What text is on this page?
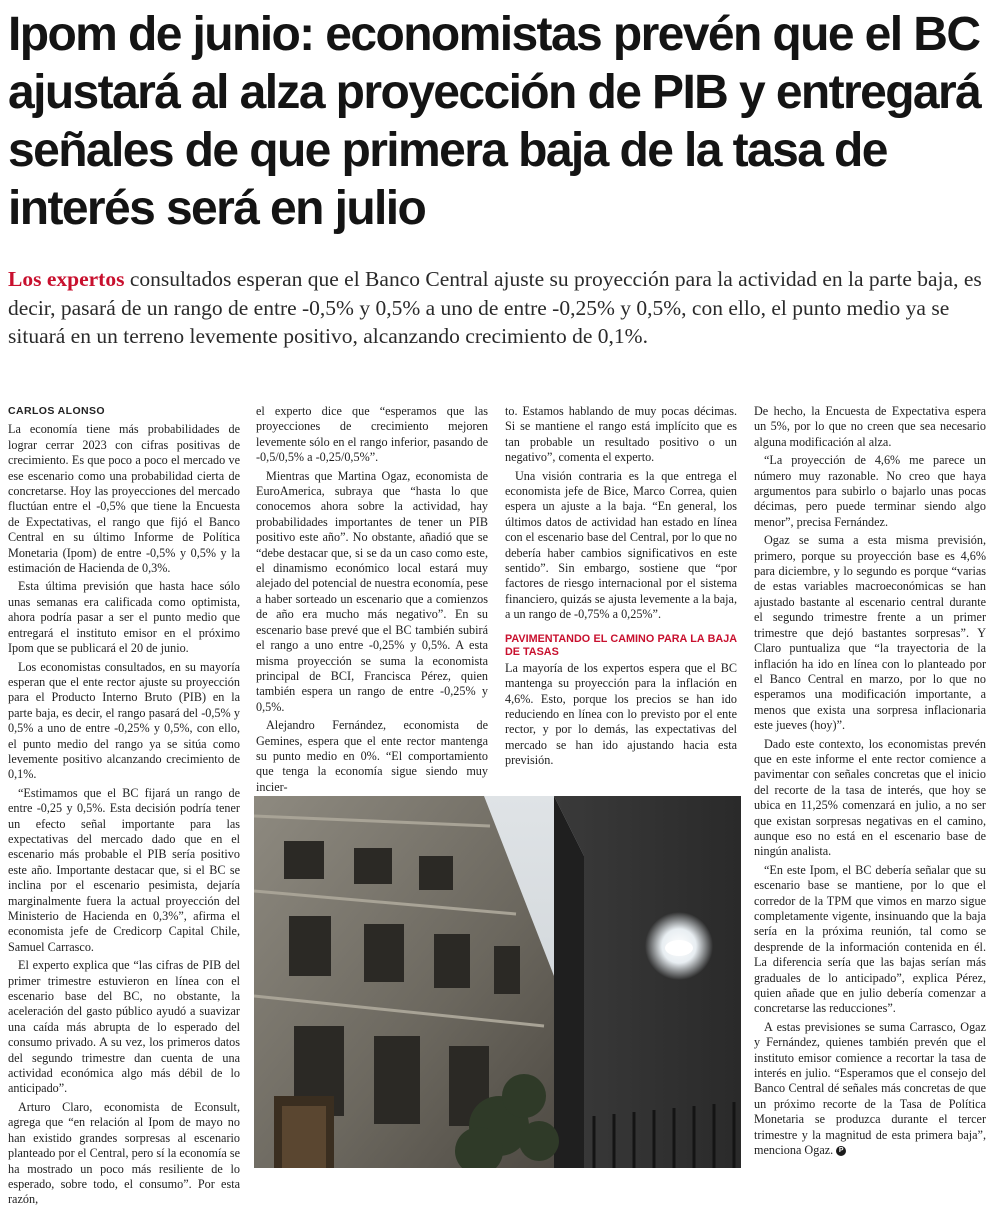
Ipom de junio: economistas prevén que el BC ajustará al alza proyección de PIB y entregará señales de que primera baja de la tasa de interés será en julio

Los expertos consultados esperan que el Banco Central ajuste su proyección para la actividad en la parte baja, es decir, pasará de un rango de entre -0,5% y 0,5% a uno de entre -0,25% y 0,5%, con ello, el punto medio ya se situará en un terreno levemente positivo, alcanzando crecimiento de 0,1%.

CARLOS ALONSO

La economía tiene más probabilidades de lograr cerrar 2023 con cifras positivas de crecimiento. Es que poco a poco el mercado ve ese escenario como una probabilidad cierta de concretarse. Hoy las proyecciones del mercado fluctúan entre el -0,5% que tiene la Encuesta de Expectativas, el rango que fijó el Banco Central en su último Informe de Política Monetaria (Ipom) de entre -0,5% y 0,5% y la estimación de Hacienda de 0,3%.

Esta última previsión que hasta hace sólo unas semanas era calificada como optimista, ahora podría pasar a ser el punto medio que entregará el instituto emisor en el próximo Ipom que se publicará el 20 de junio.

Los economistas consultados, en su mayoría esperan que el ente rector ajuste su proyección para el Producto Interno Bruto (PIB) en la parte baja, es decir, el rango pasará del -0,5% y 0,5% a uno de entre -0,25% y 0,5%, con ello, el punto medio del rango ya se sitúa como levemente positivo alcanzando crecimiento de 0,1%.

“Estimamos que el BC fijará un rango de entre -0,25 y 0,5%. Esta decisión podría tener un efecto señal importante para las expectativas del mercado dado que en el escenario más probable el PIB sería positivo este año. Importante destacar que, si el BC se inclina por el escenario pesimista, dejaría marginalmente fuera la actual proyección del Ministerio de Hacienda en 0,3%”, afirma el economista jefe de Credicorp Capital Chile, Samuel Carrasco.

El experto explica que “las cifras de PIB del primer trimestre estuvieron en línea con el escenario base del BC, no obstante, la aceleración del gasto público ayudó a suavizar una caída más abrupta de lo esperado del consumo privado. A su vez, los primeros datos del segundo trimestre dan cuenta de una actividad económica algo más débil de lo anticipado”.

Arturo Claro, economista de Econsult, agrega que “en relación al Ipom de mayo no han existido grandes sorpresas al escenario planteado por el Central, pero sí la economía se ha mostrado un poco más resiliente de lo esperado, sobre todo, el consumo”. Por esta razón,

el experto dice que “esperamos que las proyecciones de crecimiento mejoren levemente sólo en el rango inferior, pasando de -0,5/0,5% a -0,25/0,5%”.

Mientras que Martina Ogaz, economista de EuroAmerica, subraya que “hasta lo que conocemos ahora sobre la actividad, hay probabilidades importantes de tener un PIB positivo este año”. No obstante, añadió que se “debe destacar que, si se da un caso como este, el dinamismo económico local estará muy alejado del potencial de nuestra economía, pese a haber sorteado un escenario que a comienzos de año era mucho más negativo”. En su escenario base prevé que el BC también subirá el rango a uno entre -0,25% y 0,5%. A esta misma proyección se suma la economista principal de BCI, Francisca Pérez, quien también espera un rango de entre -0,25% y 0,5%.

Alejandro Fernández, economista de Gemines, espera que el ente rector mantenga su punto medio en 0%. “El comportamiento que tenga la economía sigue siendo muy incier-

to. Estamos hablando de muy pocas décimas. Si se mantiene el rango está implícito que es tan probable un resultado positivo o un negativo”, comenta el experto.

Una visión contraria es la que entrega el economista jefe de Bice, Marco Correa, quien espera un ajuste a la baja. “En general, los últimos datos de actividad han estado en línea con el escenario base del Central, por lo que no debería haber cambios significativos en este sentido”. Sin embargo, sostiene que “por factores de riesgo internacional por el sistema financiero, quizás se ajusta levemente a la baja, a un rango de -0,75% a 0,25%”.

PAVIMENTANDO EL CAMINO PARA LA BAJA DE TASAS

La mayoría de los expertos espera que el BC mantenga su proyección para la inflación en 4,6%. Esto, porque los precios se han ido reduciendo en línea con lo previsto por el ente rector, y por lo demás, las expectativas del mercado se han ido ajustando hacia esta previsión.

De hecho, la Encuesta de Expectativa espera un 5%, por lo que no creen que sea necesario alguna modificación al alza.

“La proyección de 4,6% me parece un número muy razonable. No creo que haya argumentos para subirlo o bajarlo unas pocas décimas, pero puede terminar siendo algo menor”, precisa Fernández.

Ogaz se suma a esta misma previsión, primero, porque su proyección base es 4,6% para diciembre, y lo segundo es porque “varias de estas variables macroeconómicas se han ajustado bastante al escenario central durante el segundo trimestre frente a un primer trimestre que dejó bastantes sorpresas”. Y Claro puntualiza que “la trayectoria de la inflación ha ido en línea con lo planteado por el Banco Central en marzo, por lo que no esperamos una modificación importante, a menos que exista una sorpresa inflacionaria este jueves (hoy)”.

Dado este contexto, los economistas prevén que en este informe el ente rector comience a pavimentar con señales concretas que el inicio del recorte de la tasa de interés, que hoy se ubica en 11,25% comenzará en julio, a no ser que existan sorpresas negativas en el camino, aunque eso no está en el escenario base de ningún analista.

“En este Ipom, el BC debería señalar que su escenario base se mantiene, por lo que el corredor de la TPM que vimos en marzo sigue completamente vigente, insinuando que la baja sería en la próxima reunión, tal como se desprende de la información contenida en él. La diferencia sería que las bajas serían más graduales de lo anticipado”, explica Pérez, quien añade que en julio debería comenzar a concretarse las reducciones”.

A estas previsiones se suma Carrasco, Ogaz y Fernández, quienes también prevén que el instituto emisor comience a recortar la tasa de interés en julio. “Esperamos que el consejo del Banco Central dé señales más concretas de que un próximo recorte de la Tasa de Política Monetaria se produzca durante el tercer trimestre y la magnitud de esta primera baja”, menciona Ogaz. P
